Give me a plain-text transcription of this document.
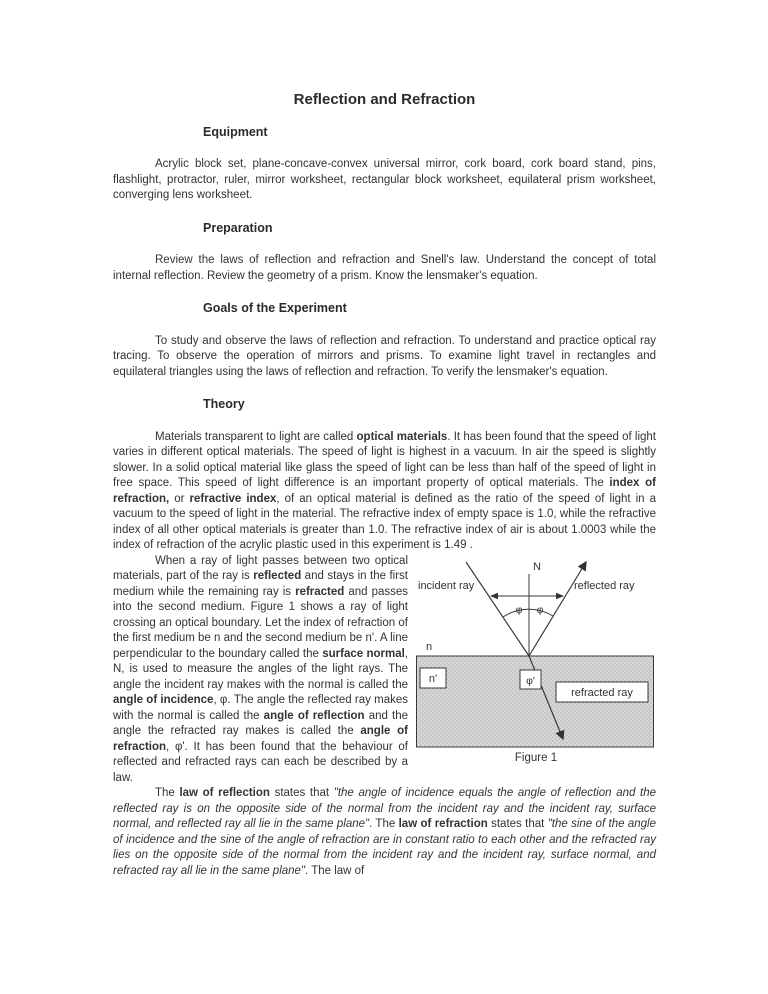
Reflection and Refraction
Equipment

Acrylic block set, plane-concave-convex universal mirror, cork board, cork board stand, pins, flashlight, protractor, ruler, mirror worksheet, rectangular block worksheet, equilateral prism worksheet, converging lens worksheet.

Preparation

Review the laws of reflection and refraction and Snell's law. Understand the concept of total internal reflection. Review the geometry of a prism. Know the lensmaker's equation.

Goals of the Experiment

To study and observe the laws of reflection and refraction. To understand and practice optical ray tracing. To observe the operation of mirrors and prisms. To examine light travel in rectangles and equilateral triangles using the laws of reflection and refraction. To verify the lensmaker's equation.

Theory

Materials transparent to light are called optical materials. It has been found that the speed of light varies in different optical materials. The speed of light is highest in a vacuum. In air the speed is slightly slower. In a solid optical material like glass the speed of light can be less than half of the speed of light in free space. This speed of light difference is an important property of optical materials. The index of refraction, or refractive index, of an optical material is defined as the ratio of the speed of light in a vacuum to the speed of light in the material. The refractive index of empty space is 1.0, while the refractive index of all other optical materials is greater than 1.0. The refractive index of air is about 1.0003 while the index of refraction of the acrylic plastic used in this experiment is 1.49 .

N
incident ray	reflected ray
φ φ
n
n'	φ'
refracted ray
Figure 1

When a ray of light passes between two optical materials, part of the ray is reflected and stays in the first medium while the remaining ray is refracted and passes into the second medium. Figure 1 shows a ray of light crossing an optical boundary. Let the index of refraction of the first medium be n and the second medium be n'. A line perpendicular to the boundary called the surface normal, N, is used to measure the angles of the light rays. The angle the incident ray makes with the normal is called the angle of incidence, φ. The angle the reflected ray makes with the normal is called the angle of reflection and the angle the refracted ray makes is called the angle of refraction, φ'. It has been found that the behaviour of reflected and refracted rays can each be described by a law.

The law of reflection states that "the angle of incidence equals the angle of reflection and the reflected ray is on the opposite side of the normal from the incident ray and the incident ray, surface normal, and reflected ray all lie in the same plane". The law of refraction states that "the sine of the angle of incidence and the sine of the angle of refraction are in constant ratio to each other and the refracted ray lies on the opposite side of the normal from the incident ray and the incident ray, surface normal, and refracted ray all lie in the same plane". The law of
